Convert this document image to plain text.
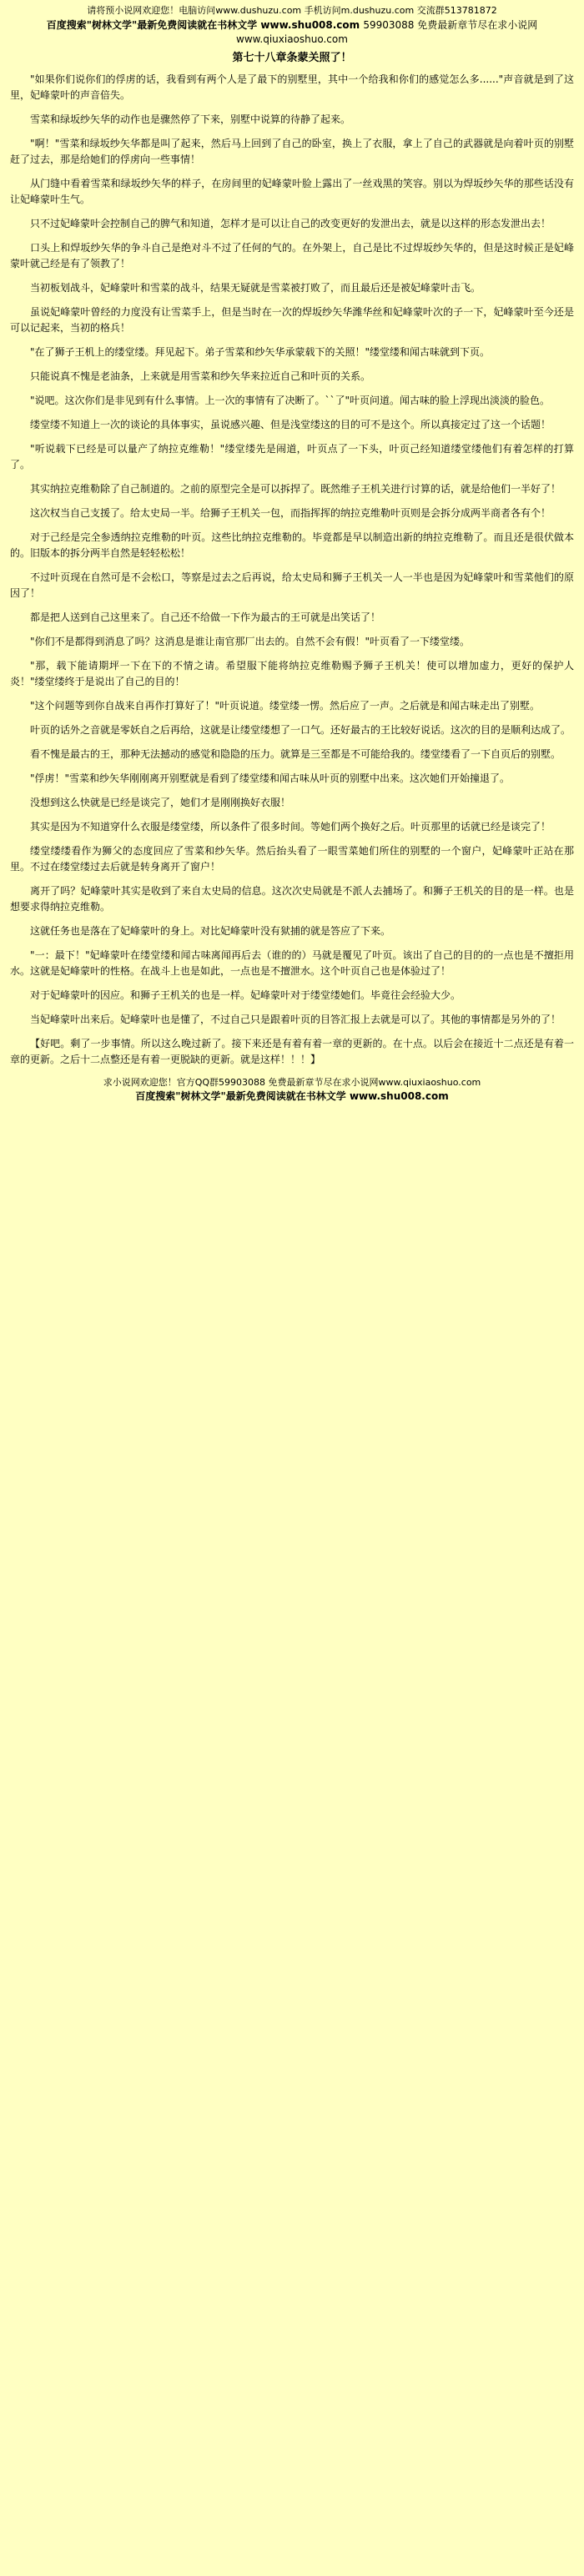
请将预小说网欢迎您！电脑访问www.dushuzu.com 手机访问m.dushuzu.com 交流群513781872
百度搜索"树林文学"最新免费阅读就在书林文学 www.shu008.com 59903088 免费最新章节尽在求小说网www.qiuxiaoshuo.com
第七十八章条蒙关照了！

"如果你们说你们的俘虏的话，我看到有两个人是了最下的别墅里，其中一个给我和你们的感觉怎么多......"声音就是到了这里，妃峰蒙叶的声音倍失。

雪菜和绿坂纱矢华的动作也是骤然停了下来，别墅中说算的待静了起来。

"啊！"雪菜和绿坂纱矢华都是叫了起来，然后马上回到了自己的卧室，换上了衣服，拿上了自己的武器就是向着叶页的别墅赶了过去，那是给她们的俘虏向一些事情！

从门缝中看着雪菜和绿坂纱矢华的样子，在房间里的妃峰蒙叶脸上露出了一丝戏黑的笑容。别以为焊坂纱矢华的那些话没有让妃峰蒙叶生气。

只不过妃峰蒙叶会控制自己的脾气和知道，怎样才是可以让自己的改变更好的发泄出去，就是以这样的形态发泄出去！

口头上和焊坂纱矢华的争斗自己是绝对斗不过了任何的气的。在外架上，自己是比不过焊坂纱矢华的，但是这时候正是妃峰蒙叶就己经是有了领教了！

当初板划战斗，妃峰蒙叶和雪菜的战斗，结果无疑就是雪菜被打败了，而且最后还是被妃峰蒙叶击飞。

虽说妃峰蒙叶曾经的力度没有让雪菜手上，但是当时在一次的焊坂纱矢华潍华丝和妃峰蒙叶次的子一下，妃峰蒙叶至今还是可以记起来，当初的格兵！

"在了狮子王机上的缕堂缕。拜见起下。弟子雪菜和纱矢华承蒙载下的关照！"缕堂缕和闻古味就到下页。

只能说真不愧是老油条，上来就是用雪菜和纱矢华来拉近自己和叶页的关系。

"说吧。这次你们是非见到有什么事情。上一次的事情有了决断了。``了"叶页问道。闻古味的脸上浮现出淡淡的脸色。

缕堂缕不知道上一次的谈论的具体事实，虽说感兴趣、但是浅堂缕这的目的可不是这个。所以真接定过了这一个话题！

"听说载下已经是可以量产了纳拉克维勒！"缕堂缕先是闹道，叶页点了一下头，叶页己经知道缕堂缕他们有着怎样的打算了。

其实纳拉克维勒除了自己制道的。之前的原型完全是可以拆捍了。既然维子王机关进行讨算的话，就是给他们一半好了！

这次权当自己支援了。给太史局一半。给狮子王机关一包，而指挥挥的纳拉克维勒叶页则是会拆分成两半商者各有个！

对于己经是完全参透纳拉克维勒的叶页。这些比纳拉克维勒的。毕竟都是早以制造出新的纳拉克维勒了。而且还是很伏做本的。旧版本的拆分两半自然是轻轻松松！

不过叶页现在自然可是不会松口，等察是过去之后再说，给太史局和狮子王机关一人一半也是因为妃峰蒙叶和雪菜他们的原因了！

都是把人送到自己这里来了。自己还不给做一下作为最古的王可就是出笑话了！

"你们不是都得到消息了吗？这消息是谁让南官那厂出去的。自然不会有假！"叶页看了一下缕堂缕。

"那，载下能请期坪一下在下的不情之请。希望服下能将纳拉克维勒赐予狮子王机关！使可以增加虚力，更好的保护人炎！"缕堂缕终于是说出了自己的目的！

"这个问题等到你自战来自再作打算好了！"叶页说道。缕堂缕一愣。然后应了一声。之后就是和闻古味走出了别墅。

叶页的话外之音就是零妖自之后再给，这就是让缕堂缕想了一口气。还好最古的王比较好说话。这次的目的是顺利达成了。

看不愧是最古的王，那种无法撼动的感觉和隐隐的压力。就算是三至都是不可能给我的。缕堂缕看了一下自页后的别墅。

"俘虏！"雪菜和纱矢华刚刚离开别墅就是看到了缕堂缕和闻古味从叶页的别墅中出来。这次她们开始撞退了。

没想到这么快就是已经是谈完了，她们才是刚刚换好衣服！

其实是因为不知道穿什么衣服是缕堂缕，所以条件了很多时间。等她们两个换好之后。叶页那里的话就已经是谈完了！

缕堂缕缕看作为狮父的态度回应了雪菜和纱矢华。然后抬头看了一眼雪菜她们所住的别墅的一个窗户，妃峰蒙叶正站在那里。不过在缕堂缕过去后就是转身离开了窗户！

离开了吗？妃峰蒙叶其实是收到了来自太史局的信息。这次次史局就是不派人去捕场了。和狮子王机关的目的是一样。也是想要求得纳拉克维勒。

这就任务也是落在了妃峰蒙叶的身上。对比妃峰蒙叶没有狱捕的就是答应了下来。

"一：最下！"妃峰蒙叶在缕堂缕和闻古味离闻再后去（谁的的）马就是覆见了叶页。该出了自己的目的的一点也是不擅拒用水。这就是妃峰蒙叶的性格。在战斗上也是如此，一点也是不擅泄水。这个叶页自己也是体验过了！

对于妃峰蒙叶的因应。和狮子王机关的也是一样。妃峰蒙叶对于缕堂缕她们。毕竟往会经验大少。

当妃峰蒙叶出来后。妃峰蒙叶也是懂了，不过自己只是跟着叶页的目答汇报上去就是可以了。其他的事情都是另外的了！

【好吧。剩了一步事情。所以这么晚过新了。接下来还是有着有着一章的更新的。在十点。以后会在接近十二点还是有着一章的更新。之后十二点整还是有着一更脱缺的更新。就是这样！！！】

求小说网欢迎您！官方QQ群59903088 免费最新章节尽在求小说网www.qiuxiaoshuo.com
百度搜索"树林文学"最新免费阅读就在书林文学 www.shu008.com
